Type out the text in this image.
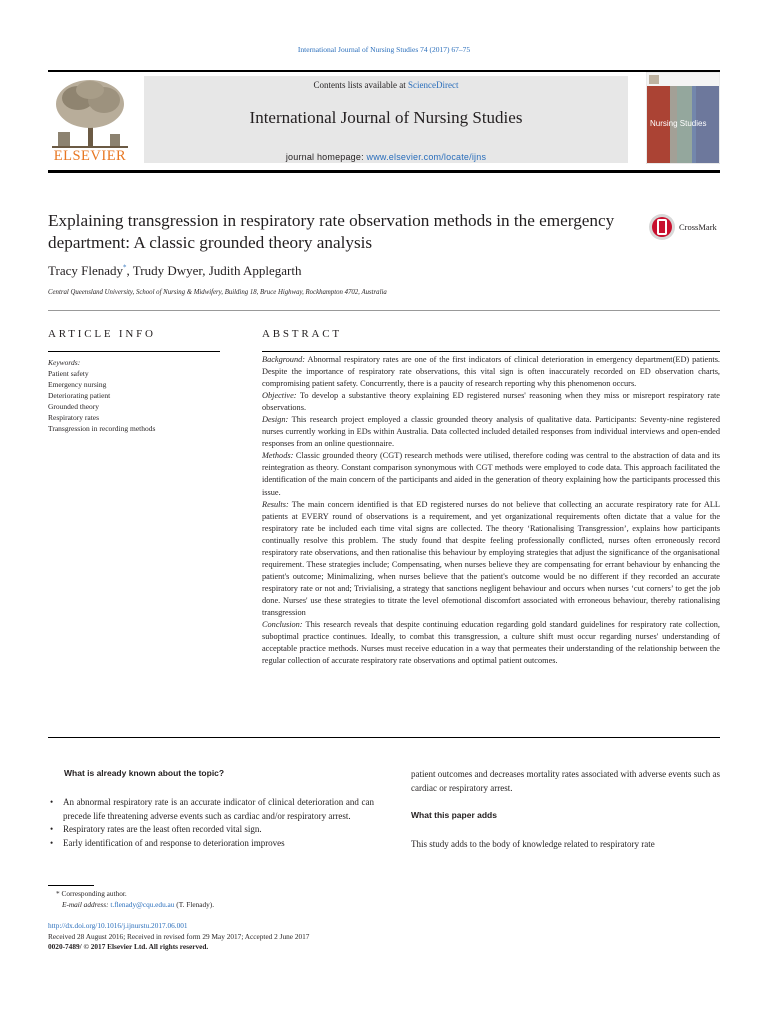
International Journal of Nursing Studies 74 (2017) 67–75
ELSEVIER
Contents lists available at ScienceDirect
International Journal of Nursing Studies
journal homepage: www.elsevier.com/locate/ijns
Nursing Studies
Explaining transgression in respiratory rate observation methods in the emergency department: A classic grounded theory analysis
CrossMark
Tracy Flenady*, Trudy Dwyer, Judith Applegarth
Central Queensland University, School of Nursing & Midwifery, Building 18, Bruce Highway, Rockhampton 4702, Australia
ARTICLE INFO	ABSTRACT
Keywords:
Patient safety
Emergency nursing
Deteriorating patient
Grounded theory
Respiratory rates
Transgression in recording methods

Background: Abnormal respiratory rates are one of the first indicators of clinical deterioration in emergency department(ED) patients. Despite the importance of respiratory rate observations, this vital sign is often inaccurately recorded on ED observation charts, compromising patient safety. Concurrently, there is a paucity of research reporting why this phenomenon occurs.

Objective: To develop a substantive theory explaining ED registered nurses' reasoning when they miss or misreport respiratory rate observations.

Design: This research project employed a classic grounded theory analysis of qualitative data. Participants: Seventy-nine registered nurses currently working in EDs within Australia. Data collected included detailed responses from individual interviews and open-ended responses from an online questionnaire.

Methods: Classic grounded theory (CGT) research methods were utilised, therefore coding was central to the abstraction of data and its reintegration as theory. Constant comparison synonymous with CGT methods were employed to code data. This approach facilitated the identification of the main concern of the participants and aided in the generation of theory explaining how the participants processed this issue.

Results: The main concern identified is that ED registered nurses do not believe that collecting an accurate respiratory rate for ALL patients at EVERY round of observations is a requirement, and yet organizational requirements often dictate that a value for the respiratory rate be included each time vital signs are collected. The theory ‘Rationalising Transgression’, explains how participants continually resolve this problem. The study found that despite feeling professionally conflicted, nurses often erroneously record respiratory rate observations, and then rationalise this behaviour by employing strategies that adjust the significance of the organisational requirement. These strategies include; Compensating, when nurses believe they are compensating for errant behaviour by enhancing the patient's outcome; Minimalizing, when nurses believe that the patient's outcome would be no different if they recorded an accurate respiratory rate or not and; Trivialising, a strategy that sanctions negligent behaviour and occurs when nurses ‘cut corners’ to get the job done. Nurses' use these strategies to titrate the level ofemotional discomfort associated with erroneous behaviour, thereby rationalising transgression

Conclusion: This research reveals that despite continuing education regarding gold standard guidelines for respiratory rate collection, suboptimal practice continues. Ideally, to combat this transgression, a culture shift must occur regarding nurses' understanding of acceptable practice methods. Nurses must receive education in a way that permeates their understanding of the relationship between the regular collection of accurate respiratory rate observations and optimal patient outcomes.

What is already known about the topic?
• An abnormal respiratory rate is an accurate indicator of clinical deterioration and can precede life threatening adverse events such as cardiac and/or respiratory arrest.
• Respiratory rates are the least often recorded vital sign.
• Early identification of and response to deterioration improves
patient outcomes and decreases mortality rates associated with adverse events such as cardiac or respiratory arrest.
What this paper adds
This study adds to the body of knowledge related to respiratory rate
* Corresponding author.
E-mail address: t.flenady@cqu.edu.au (T. Flenady).
http://dx.doi.org/10.1016/j.ijnurstu.2017.06.001
Received 28 August 2016; Received in revised form 29 May 2017; Accepted 2 June 2017
0020-7489/ © 2017 Elsevier Ltd. All rights reserved.
